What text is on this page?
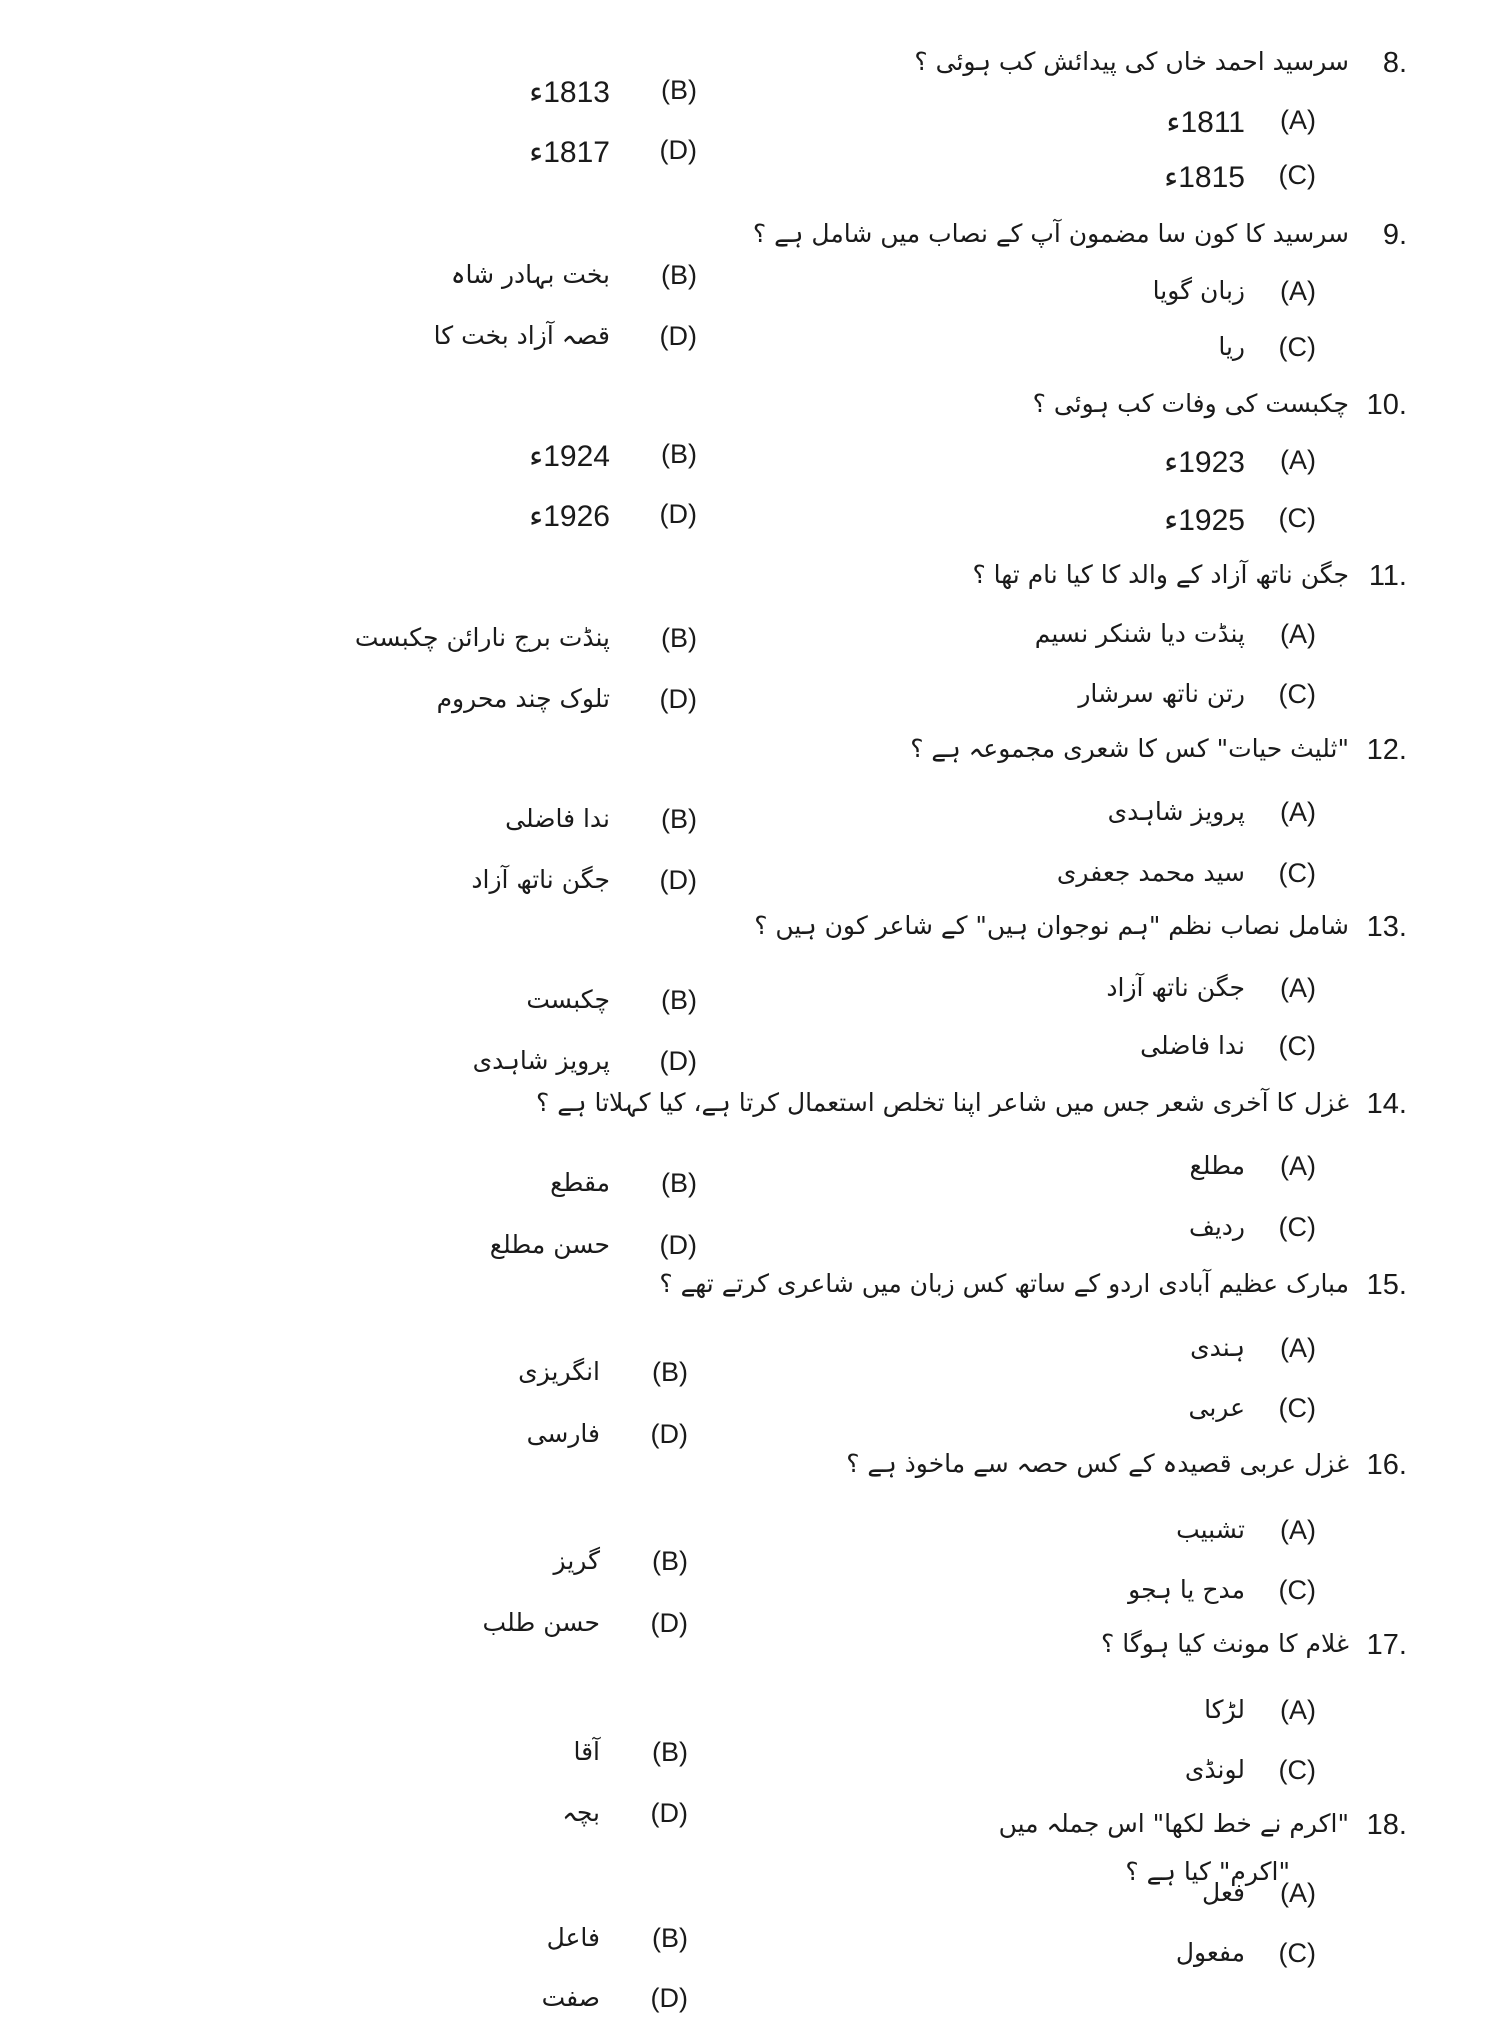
8.
سرسید احمد خاں کی پیدائش کب ہوئی ؟
(A)
1811ء
(B)
1813ء
(C)
1815ء
(D)
1817ء
9.
سرسید کا کون سا مضمون آپ کے نصاب میں شامل ہے ؟
(A)
زبان گویا
(B)
بخت بہادر شاہ
(C)
ریا
(D)
قصہ آزاد بخت کا
10.
چکبست کی وفات کب ہوئی ؟
(A)
1923ء
(B)
1924ء
(C)
1925ء
(D)
1926ء
11.
جگن ناتھ آزاد کے والد کا کیا نام تھا ؟
(A)
پنڈت دیا شنکر نسیم
(B)
پنڈت برج نارائن چکبست
(C)
رتن ناتھ سرشار
(D)
تلوک چند محروم
12.
"ثلیث حیات" کس کا شعری مجموعہ ہے ؟
(A)
پرویز شاہدی
(B)
ندا فاضلی
(C)
سید محمد جعفری
(D)
جگن ناتھ آزاد
13.
شامل نصاب نظم "ہم نوجوان ہیں" کے شاعر کون ہیں ؟
(A)
جگن ناتھ آزاد
(B)
چکبست
(C)
ندا فاضلی
(D)
پرویز شاہدی
14.
غزل کا آخری شعر جس میں شاعر اپنا تخلص استعمال کرتا ہے، کیا کہلاتا ہے ؟
(A)
مطلع
(B)
مقطع
(C)
ردیف
(D)
حسن مطلع
15.
مبارک عظیم آبادی اردو کے ساتھ کس زبان میں شاعری کرتے تھے ؟
(A)
ہندی
(B)
انگریزی
(C)
عربی
(D)
فارسی
16.
غزل عربی قصیدہ کے کس حصہ سے ماخوذ ہے ؟
(A)
تشبیب
(B)
گریز
(C)
مدح یا ہجو
(D)
حسن طلب
17.
غلام کا مونث کیا ہوگا ؟
(A)
لڑکا
(B)
آقا
(C)
لونڈی
(D)
بچہ	18.
"اکرم نے خط لکھا" اس جملہ میں
"اکرم" کیا ہے ؟
(A)
فعل
(B)
فاعل
(C)
مفعول
(D)
صفت
